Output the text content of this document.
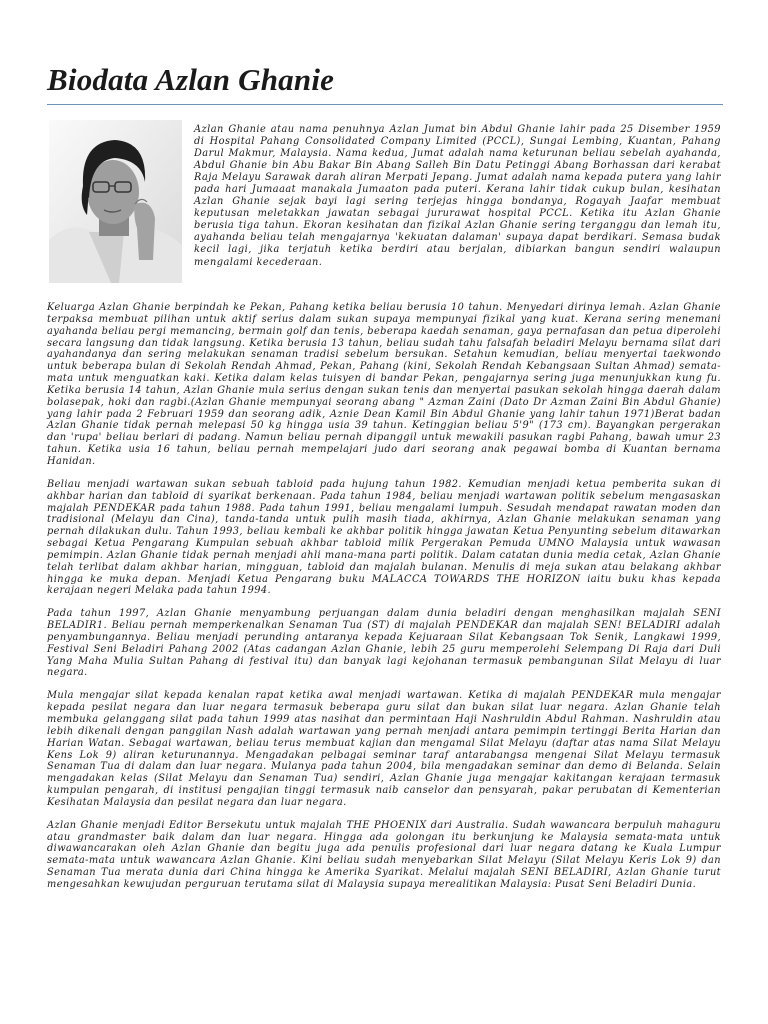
Biodata Azlan Ghanie

Azlan Ghanie atau nama penuhnya Azlan Jumat bin Abdul Ghanie lahir pada 25 Disember 1959 di Hospital Pahang Consolidated Company Limited (PCCL), Sungai Lembing, Kuantan, Pahang Darul Makmur, Malaysia. Nama kedua, Jumat adalah nama keturunan beliau sebelah ayahanda, Abdul Ghanie bin Abu Bakar Bin Abang Salleh Bin Datu Petinggi Abang Borhassan dari kerabat Raja Melayu Sarawak darah aliran Merpati Jepang. Jumat adalah nama kepada putera yang lahir pada hari Jumaaat manakala Jumaaton pada puteri. Kerana lahir tidak cukup bulan, kesihatan Azlan Ghanie sejak bayi lagi sering terjejas hingga bondanya, Rogayah Jaafar membuat keputusan meletakkan jawatan sebagai jururawat hospital PCCL. Ketika itu Azlan Ghanie berusia tiga tahun. Ekoran kesihatan dan fizikal Azlan Ghanie sering terganggu dan lemah itu, ayahanda beliau telah mengajarnya 'kekuatan dalaman' supaya dapat berdikari. Semasa budak kecil lagi, jika terjatuh ketika berdiri atau berjalan, dibiarkan bangun sendiri walaupun mengalami kecederaan.

Keluarga Azlan Ghanie berpindah ke Pekan, Pahang ketika beliau berusia 10 tahun. Menyedari dirinya lemah. Azlan Ghanie terpaksa membuat pilihan untuk aktif serius dalam sukan supaya mempunyai fizikal yang kuat. Kerana sering menemani ayahanda beliau pergi memancing, bermain golf dan tenis, beberapa kaedah senaman, gaya pernafasan dan petua diperolehi secara langsung dan tidak langsung. Ketika berusia 13 tahun, beliau sudah tahu falsafah beladiri Melayu bernama silat dari ayahandanya dan sering melakukan senaman tradisi sebelum bersukan. Setahun kemudian, beliau menyertai taekwondo untuk beberapa bulan di Sekolah Rendah Ahmad, Pekan, Pahang (kini, Sekolah Rendah Kebangsaan Sultan Ahmad) semata-mata untuk menguatkan kaki. Ketika dalam kelas tuisyen di bandar Pekan, pengajarnya sering juga menunjukkan kung fu. Ketika berusia 14 tahun, Azlan Ghanie mula serius dengan sukan tenis dan menyertai pasukan sekolah hingga daerah dalam bolasepak, hoki dan ragbi.(Azlan Ghanie mempunyai seorang abang " Azman Zaini (Dato Dr Azman Zaini Bin Abdul Ghanie) yang lahir pada 2 Februari 1959 dan seorang adik, Aznie Dean Kamil Bin Abdul Ghanie yang lahir tahun 1971)Berat badan Azlan Ghanie tidak pernah melepasi 50 kg hingga usia 39 tahun. Ketinggian beliau 5'9" (173 cm). Bayangkan pergerakan dan 'rupa' beliau berlari di padang. Namun beliau pernah dipanggil untuk mewakili pasukan ragbi Pahang, bawah umur 23 tahun. Ketika usia 16 tahun, beliau pernah mempelajari judo dari seorang anak pegawai bomba di Kuantan bernama Hanidan.

Beliau menjadi wartawan sukan sebuah tabloid pada hujung tahun 1982. Kemudian menjadi ketua pemberita sukan di akhbar harian dan tabloid di syarikat berkenaan. Pada tahun 1984, beliau menjadi wartawan politik sebelum mengasaskan majalah PENDEKAR pada tahun 1988. Pada tahun 1991, beliau mengalami lumpuh. Sesudah mendapat rawatan moden dan tradisional (Melayu dan Cina), tanda-tanda untuk pulih masih tiada, akhirnya, Azlan Ghanie melakukan senaman yang pernah dilakukan dulu. Tahun 1993, beliau kembali ke akhbar politik hingga jawatan Ketua Penyunting sebelum ditawarkan sebagai Ketua Pengarang Kumpulan sebuah akhbar tabloid milik Pergerakan Pemuda UMNO Malaysia untuk wawasan pemimpin. Azlan Ghanie tidak pernah menjadi ahli mana-mana parti politik. Dalam catatan dunia media cetak, Azlan Ghanie telah terlibat dalam akhbar harian, mingguan, tabloid dan majalah bulanan. Menulis di meja sukan atau belakang akhbar hingga ke muka depan. Menjadi Ketua Pengarang buku MALACCA TOWARDS THE HORIZON iaitu buku khas kepada kerajaan negeri Melaka pada tahun 1994.

Pada tahun 1997, Azlan Ghanie menyambung perjuangan dalam dunia beladiri dengan menghasilkan majalah SENI BELADIR1. Beliau pernah memperkenalkan Senaman Tua (ST) di majalah PENDEKAR dan majalah SEN! BELADIRI adalah penyambungannya. Beliau menjadi perunding antaranya kepada Kejuaraan Silat Kebangsaan Tok Senik, Langkawi 1999, Festival Seni Beladiri Pahang 2002 (Atas cadangan Azlan Ghanie, lebih 25 guru memperolehi Selempang Di Raja dari Duli Yang Maha Mulia Sultan Pahang di festival itu) dan banyak lagi kejohanan termasuk pembangunan Silat Melayu di luar negara.

Mula mengajar silat kepada kenalan rapat ketika awal menjadi wartawan. Ketika di majalah PENDEKAR mula mengajar kepada pesilat negara dan luar negara termasuk beberapa guru silat dan bukan silat luar negara. Azlan Ghanie telah membuka gelanggang silat pada tahun 1999 atas nasihat dan permintaan Haji Nashruldin Abdul Rahman. Nashruldin atau lebih dikenali dengan panggilan Nash adalah wartawan yang pernah menjadi antara pemimpin tertinggi Berita Harian dan Harian Watan. Sebagai wartawan, beliau terus membuat kajian dan mengamal Silat Melayu (daftar atas nama Silat Melayu Kens Lok 9) aliran keturunannya. Mengadakan pelbagai seminar taraf antarabangsa mengenai Silat Melayu termasuk Senaman Tua di dalam dan luar negara. Mulanya pada tahun 2004, bila mengadakan seminar dan demo di Belanda. Selain mengadakan kelas (Silat Melayu dan Senaman Tua) sendiri, Azlan Ghanie juga mengajar kakitangan kerajaan termasuk kumpulan pengarah, di institusi pengajian tinggi termasuk naib canselor dan pensyarah, pakar perubatan di Kementerian Kesihatan Malaysia dan pesilat negara dan luar negara.

Azlan Ghanie menjadi Editor Bersekutu untuk majalah THE PHOENIX dari Australia. Sudah wawancara berpuluh mahaguru atau grandmaster baik dalam dan luar negara. Hingga ada golongan itu berkunjung ke Malaysia semata-mata untuk diwawancarakan oleh Azlan Ghanie dan begitu juga ada penulis profesional dari luar negara datang ke Kuala Lumpur semata-mata untuk wawancara Azlan Ghanie. Kini beliau sudah menyebarkan Silat Melayu (Silat Melayu Keris Lok 9) dan Senaman Tua merata dunia dari China hingga ke Amerika Syarikat. Melalui majalah SENI BELADIRI, Azlan Ghanie turut mengesahkan kewujudan perguruan terutama silat di Malaysia supaya merealitikan Malaysia: Pusat Seni Beladiri Dunia.
